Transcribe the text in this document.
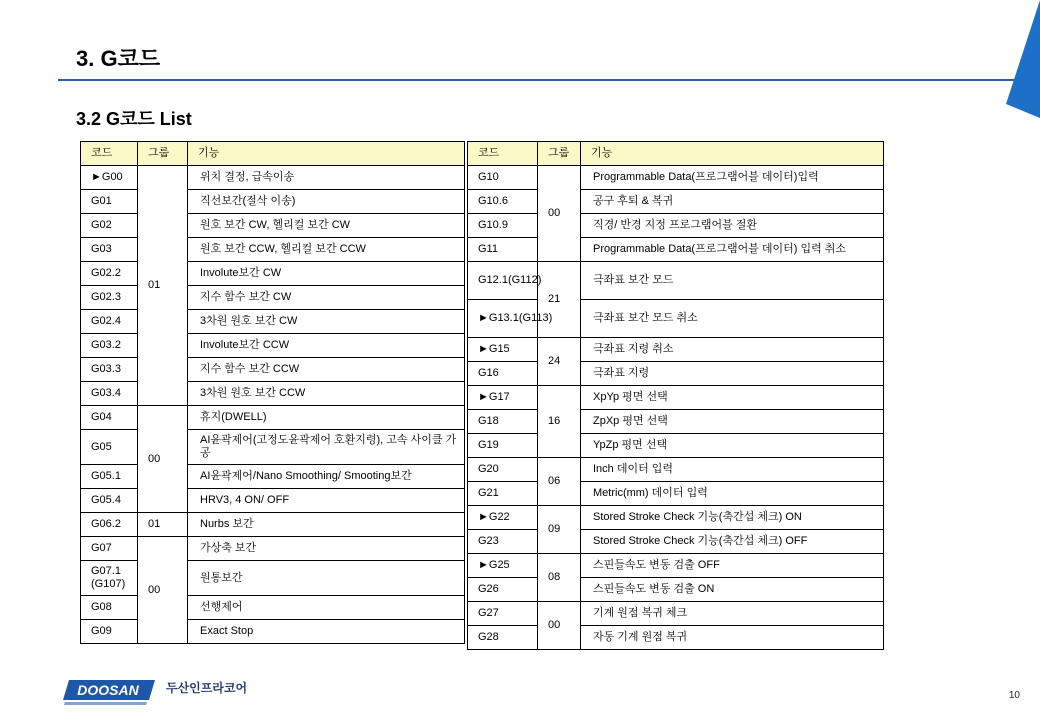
3. G코드
3.2 G코드 List
코드	그룹	기능
►G00	01	위치 결정, 급속이송
G01		직선보간(절삭 이송)
G02		원호 보간 CW, 헬리컬 보간 CW
G03		원호 보간 CCW, 헬리컬 보간 CCW
G02.2		Involute보간 CW
G02.3		지수 함수 보간 CW
G02.4		3차원 원호 보간 CW
G03.2		Involute보간 CCW
G03.3		지수 함수 보간 CCW
G03.4		3차원 원호 보간 CCW
G04	00	휴지(DWELL)
G05		AI윤곽제어(고정도윤곽제어 호환지령), 고속 사이클 가공
G05.1		AI윤곽제어/Nano Smoothing/ Smooting보간
G05.4		HRV3, 4 ON/ OFF
G06.2	01	Nurbs 보간
G07	00	가상축 보간
G07.1 (G107)		원통보간
G08		선행제어
G09		Exact Stop
코드	그룹	기능
G10	00	Programmable Data(프로그램어블 데이터)입력
G10.6		공구 후퇴 & 복귀
G10.9		직경/ 반경 지정 프로그램어블 절환
G11		Programmable Data(프로그램어블 데이터) 입력 취소
G12.1(G112)	21	극좌표 보간 모드
►G13.1(G113)		극좌표 보간 모드 취소
►G15	24	극좌표 지령 취소
G16		극좌표 지령
►G17	16	XpYp 평면 선택
G18		ZpXp 평면 선택
G19		YpZp 평면 선택
G20	06	Inch 데이터 입력
G21		Metric(mm) 데이터 입력
►G22	09	Stored Stroke Check 기능(축간섭 체크) ON
G23		Stored Stroke Check 기능(축간섭 체크) OFF
►G25	08	스핀들속도 변동 검출 OFF
G26		스핀들속도 변동 검출 ON
G27	00	기계 원점 복귀 체크
G28		자동 기계 원점 복귀
DOOSAN 두산인프라코어
10
